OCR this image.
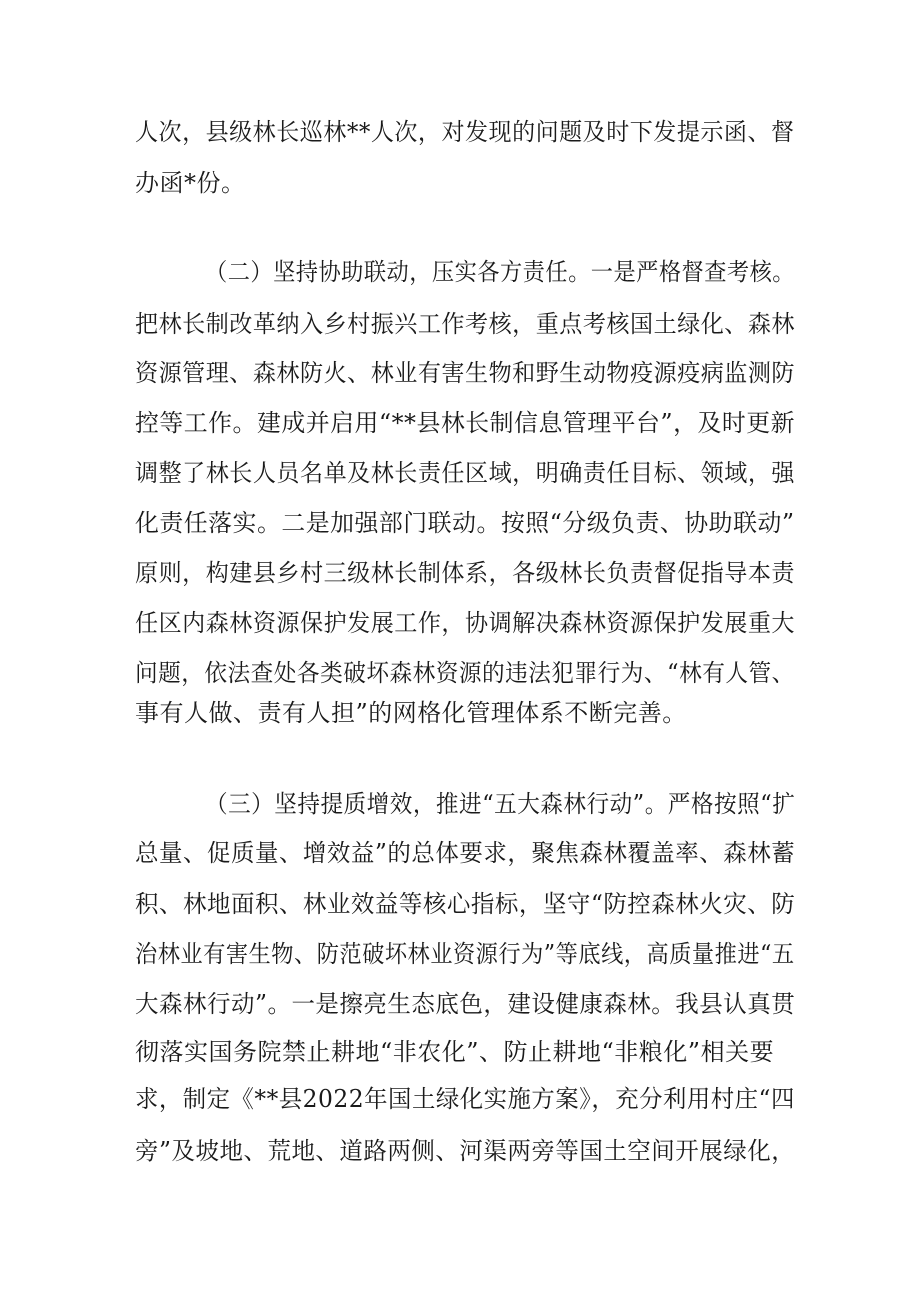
人次，县级林长巡林**人次，对发现的问题及时下发提示函、督
办函*份。
（二）坚持协助联动，压实各方责任。一是严格督查考核。
把林长制改革纳入乡村振兴工作考核，重点考核国土绿化、森林
资源管理、森林防火、林业有害生物和野生动物疫源疫病监测防
控等工作。建成并启用“**县林长制信息管理平台”，及时更新
调整了林长人员名单及林长责任区域，明确责任目标、领域，强
化责任落实。二是加强部门联动。按照“分级负责、协助联动”
原则，构建县乡村三级林长制体系，各级林长负责督促指导本责
任区内森林资源保护发展工作，协调解决森林资源保护发展重大
问题，依法查处各类破坏森林资源的违法犯罪行为、“林有人管、
事有人做、责有人担”的网格化管理体系不断完善。
（三）坚持提质增效，推进“五大森林行动”。严格按照“扩
总量、促质量、增效益”的总体要求，聚焦森林覆盖率、森林蓄
积、林地面积、林业效益等核心指标，坚守“防控森林火灾、防
治林业有害生物、防范破坏林业资源行为”等底线，高质量推进“五
大森林行动”。一是擦亮生态底色，建设健康森林。我县认真贯
彻落实国务院禁止耕地“非农化”、防止耕地“非粮化”相关要
求，制定《**县2022年国土绿化实施方案》，充分利用村庄“四
旁”及坡地、荒地、道路两侧、河渠两旁等国土空间开展绿化，
